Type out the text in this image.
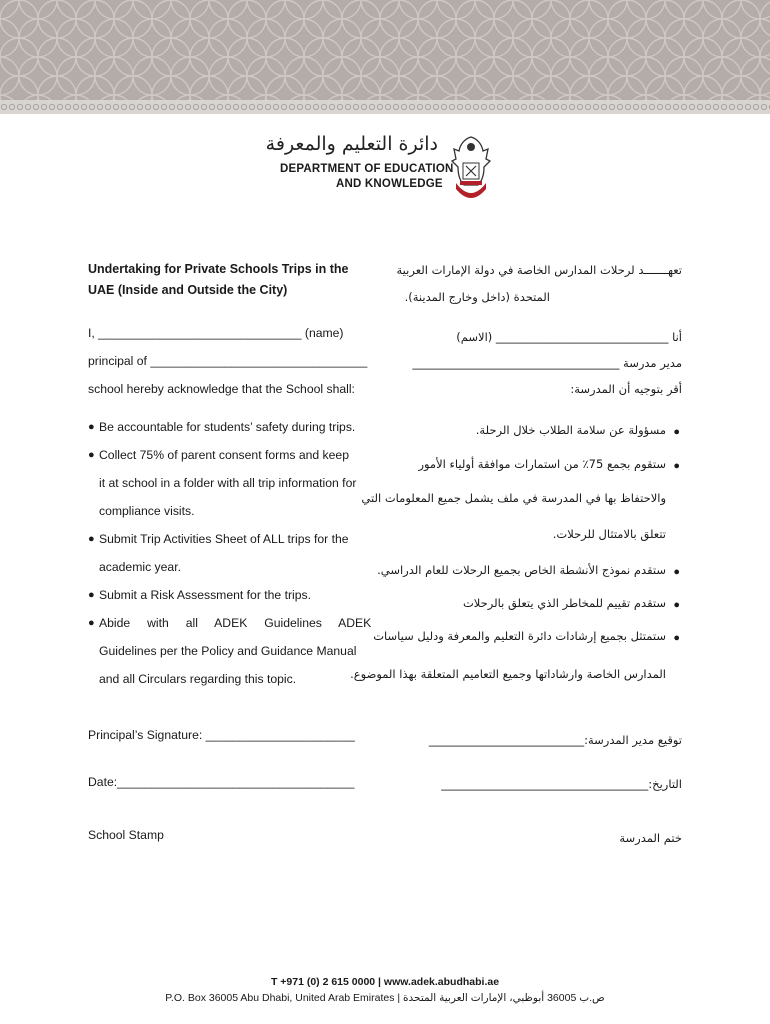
دائرة التعليم والمعرفة
DEPARTMENT OF EDUCATION
AND KNOWLEDGE
Undertaking for Private Schools Trips in the
UAE (Inside and Outside the City)
I, ______________________________ (name)
principal of ________________________________
school hereby acknowledge that the School shall:
● Be accountable for students’ safety during trips.
● Collect 75% of parent consent forms and keep
it at school in a folder with all trip information for
compliance visits.
● Submit Trip Activities Sheet of ALL trips for the
academic year.
● Submit a Risk Assessment for the trips.
● Abide     with     all     ADEK     Guidelines     ADEK
Guidelines per the Policy and Guidance Manual
and all Circulars regarding this topic.
Principal’s Signature: ______________________
Date:___________________________________
School Stamp
تعهـــــــد لرحلات المدارس الخاصة في دولة الإمارات العربية
المتحدة (داخل وخارج المدينة).
أنا ______________________________ (الاسم)
مدير مدرسة ____________________________________
أقر بتوجيه أن المدرسة:
●
مسؤولة عن سلامة الطلاب خلال الرحلة.
●
ستقوم بجمع 75٪ من استمارات موافقة أولياء الأمور
والاحتفاظ بها في المدرسة في ملف يشمل جميع المعلومات التي
تتعلق بالامتثال للرحلات.
●
ستقدم نموذج الأنشطة الخاص بجميع الرحلات للعام الدراسي.
●
ستقدم تقييم للمخاطر الذي يتعلق بالرحلات
●
ستمتثل بجميع إرشادات دائرة التعليم والمعرفة ودليل سياسات
المدارس الخاصة وارشاداتها وجميع التعاميم المتعلقة بهذا الموضوع.
توقيع مدير المدرسة:___________________________
التاريخ:____________________________________
ختم المدرسة
T +971 (0) 2 615 0000 | www.adek.abudhabi.ae
P.O. Box 36005 Abu Dhabi, United Arab Emirates | ص.ب 36005 أبوظبي، الإمارات العربية المتحدة
